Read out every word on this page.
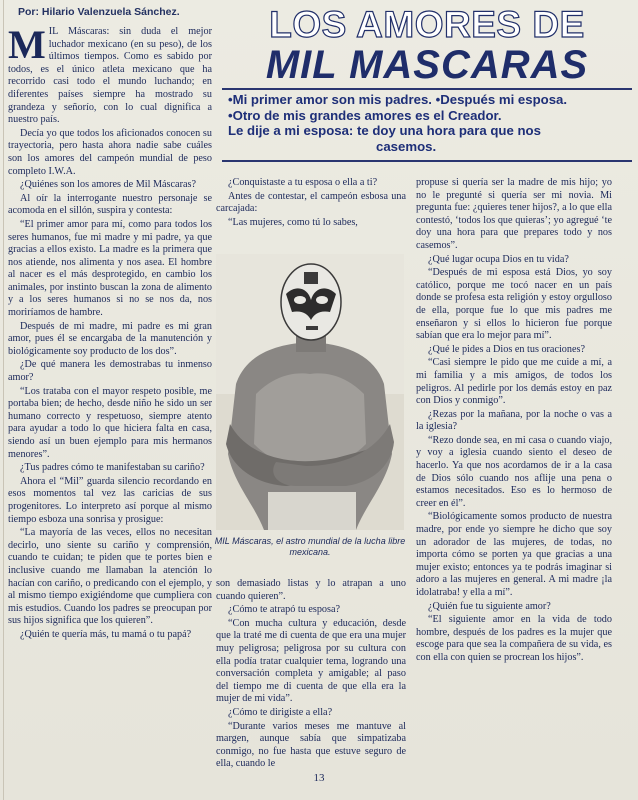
Por: Hilario Valenzuela Sánchez.	LOS AMORES DE
MIL MASCARAS
•Mi primer amor son mis padres. •Después mi esposa.
•Otro de mis grandes amores es el Creador.
Le dije a mi esposa: te doy una hora para que nos
casemos.

MIL Máscaras: sin duda el mejor luchador mexicano (en su peso), de los últimos tiempos. Como es sabido por todos, es el único atleta mexicano que ha recorrido casi todo el mundo luchando; en diferentes países siempre ha mostrado su grandeza y señorío, con lo cual dignifica a nuestro país.

Decía yo que todos los aficionados conocen su trayectoria, pero hasta ahora nadie sabe cuáles son los amores del campeón mundial de peso completo I.W.A.

¿Quiénes son los amores de Mil Máscaras?

Al oír la interrogante nuestro personaje se acomoda en el sillón, suspira y contesta:

“El primer amor para mí, como para todos los seres humanos, fue mi madre y mi padre, ya que gracias a ellos existo. La madre es la primera que nos atiende, nos alimenta y nos asea. El hombre al nacer es el más desprotegido, en cambio los animales, por instinto buscan la zona de alimento y a los seres humanos si no se nos da, nos moriríamos de hambre.

Después de mi madre, mi padre es mi gran amor, pues él se encargaba de la manutención y biológicamente soy producto de los dos”.

¿De qué manera les demostrabas tu inmenso amor?

“Los trataba con el mayor respeto posible, me portaba bien; de hecho, desde niño he sido un ser humano correcto y respetuoso, siempre atento para ayudar a todo lo que hiciera falta en casa, siendo así un buen ejemplo para mis hermanos menores”.

¿Tus padres cómo te manifestaban su cariño?

Ahora el “Mil” guarda silencio recordando en esos momentos tal vez las caricias de sus progenitores. Lo interpreto así porque al mismo tiempo esboza una sonrisa y prosigue:

“La mayoría de las veces, ellos no necesitan decirlo, uno siente su cariño y comprensión, cuando te cuidan; te piden que te portes bien e inclusive cuando me llamaban la atención lo hacían con cariño, o predicando con el ejemplo, y al mismo tiempo exigiéndome que cumpliera con mis estudios. Cuando los padres se preocupan por sus hijos significa que los quieren”.

¿Quién te quería más, tu mamá o tu papá?

¿Conquistaste a tu esposa o ella a ti?

Antes de contestar, el campeón esbosa una carcajada:

“Las mujeres, como tú lo sabes,

MIL Máscaras, el astro mundial de la lucha libre mexicana.

son demasiado listas y lo atrapan a uno cuando quieren”.

¿Cómo te atrapó tu esposa?

“Con mucha cultura y educación, desde que la traté me di cuenta de que era una mujer muy peligrosa; peligrosa por su cultura con ella podía tratar cualquier tema, logrando una conversación completa y amigable; al paso del tiempo me di cuenta de que ella era la mujer de mi vida”.

¿Cómo te dirigiste a ella?

“Durante varios meses me mantuve al margen, aunque sabía que simpatizaba conmigo, no fue hasta que estuve seguro de ella, cuando le

propuse si quería ser la madre de mis hijo; yo no le pregunté si quería ser mi novia. Mi pregunta fue: ¿quieres tener hijos?, a lo que ella contestó, ‘todos los que quieras’; yo agregué ‘te doy una hora para que prepares todo y nos casemos”.

¿Qué lugar ocupa Dios en tu vida?

“Después de mi esposa está Dios, yo soy católico, porque me tocó nacer en un país donde se profesa esta religión y estoy orgulloso de ella, porque fue lo que mis padres me enseñaron y si ellos lo hicieron fue porque sabían que era lo mejor para mí”.

¿Qué le pides a Dios en tus oraciones?

“Casi siempre le pido que me cuide a mí, a mi familia y a mis amigos, de todos los peligros. Al pedirle por los demás estoy en paz con Dios y conmigo”.

¿Rezas por la mañana, por la noche o vas a la iglesia?

“Rezo donde sea, en mi casa o cuando viajo, y voy a iglesia cuando siento el deseo de hacerlo. Ya que nos acordamos de ir a la casa de Dios sólo cuando nos aflije una pena o estamos necesitados. Eso es lo hermoso de creer en él”.

“Biológicamente somos producto de nuestra madre, por ende yo siempre he dicho que soy un adorador de las mujeres, de todas, no importa cómo se porten ya que gracias a una mujer existo; entonces ya te podrás imaginar si adoro a las mujeres en general. A mi madre ¡la idolatraba! y ella a mí”.

¿Quién fue tu siguiente amor?

“El siguiente amor en la vida de todo hombre, después de los padres es la mujer que escoge para que sea la compañera de su vida, es con ella con quien se procrean los hijos”.

13
